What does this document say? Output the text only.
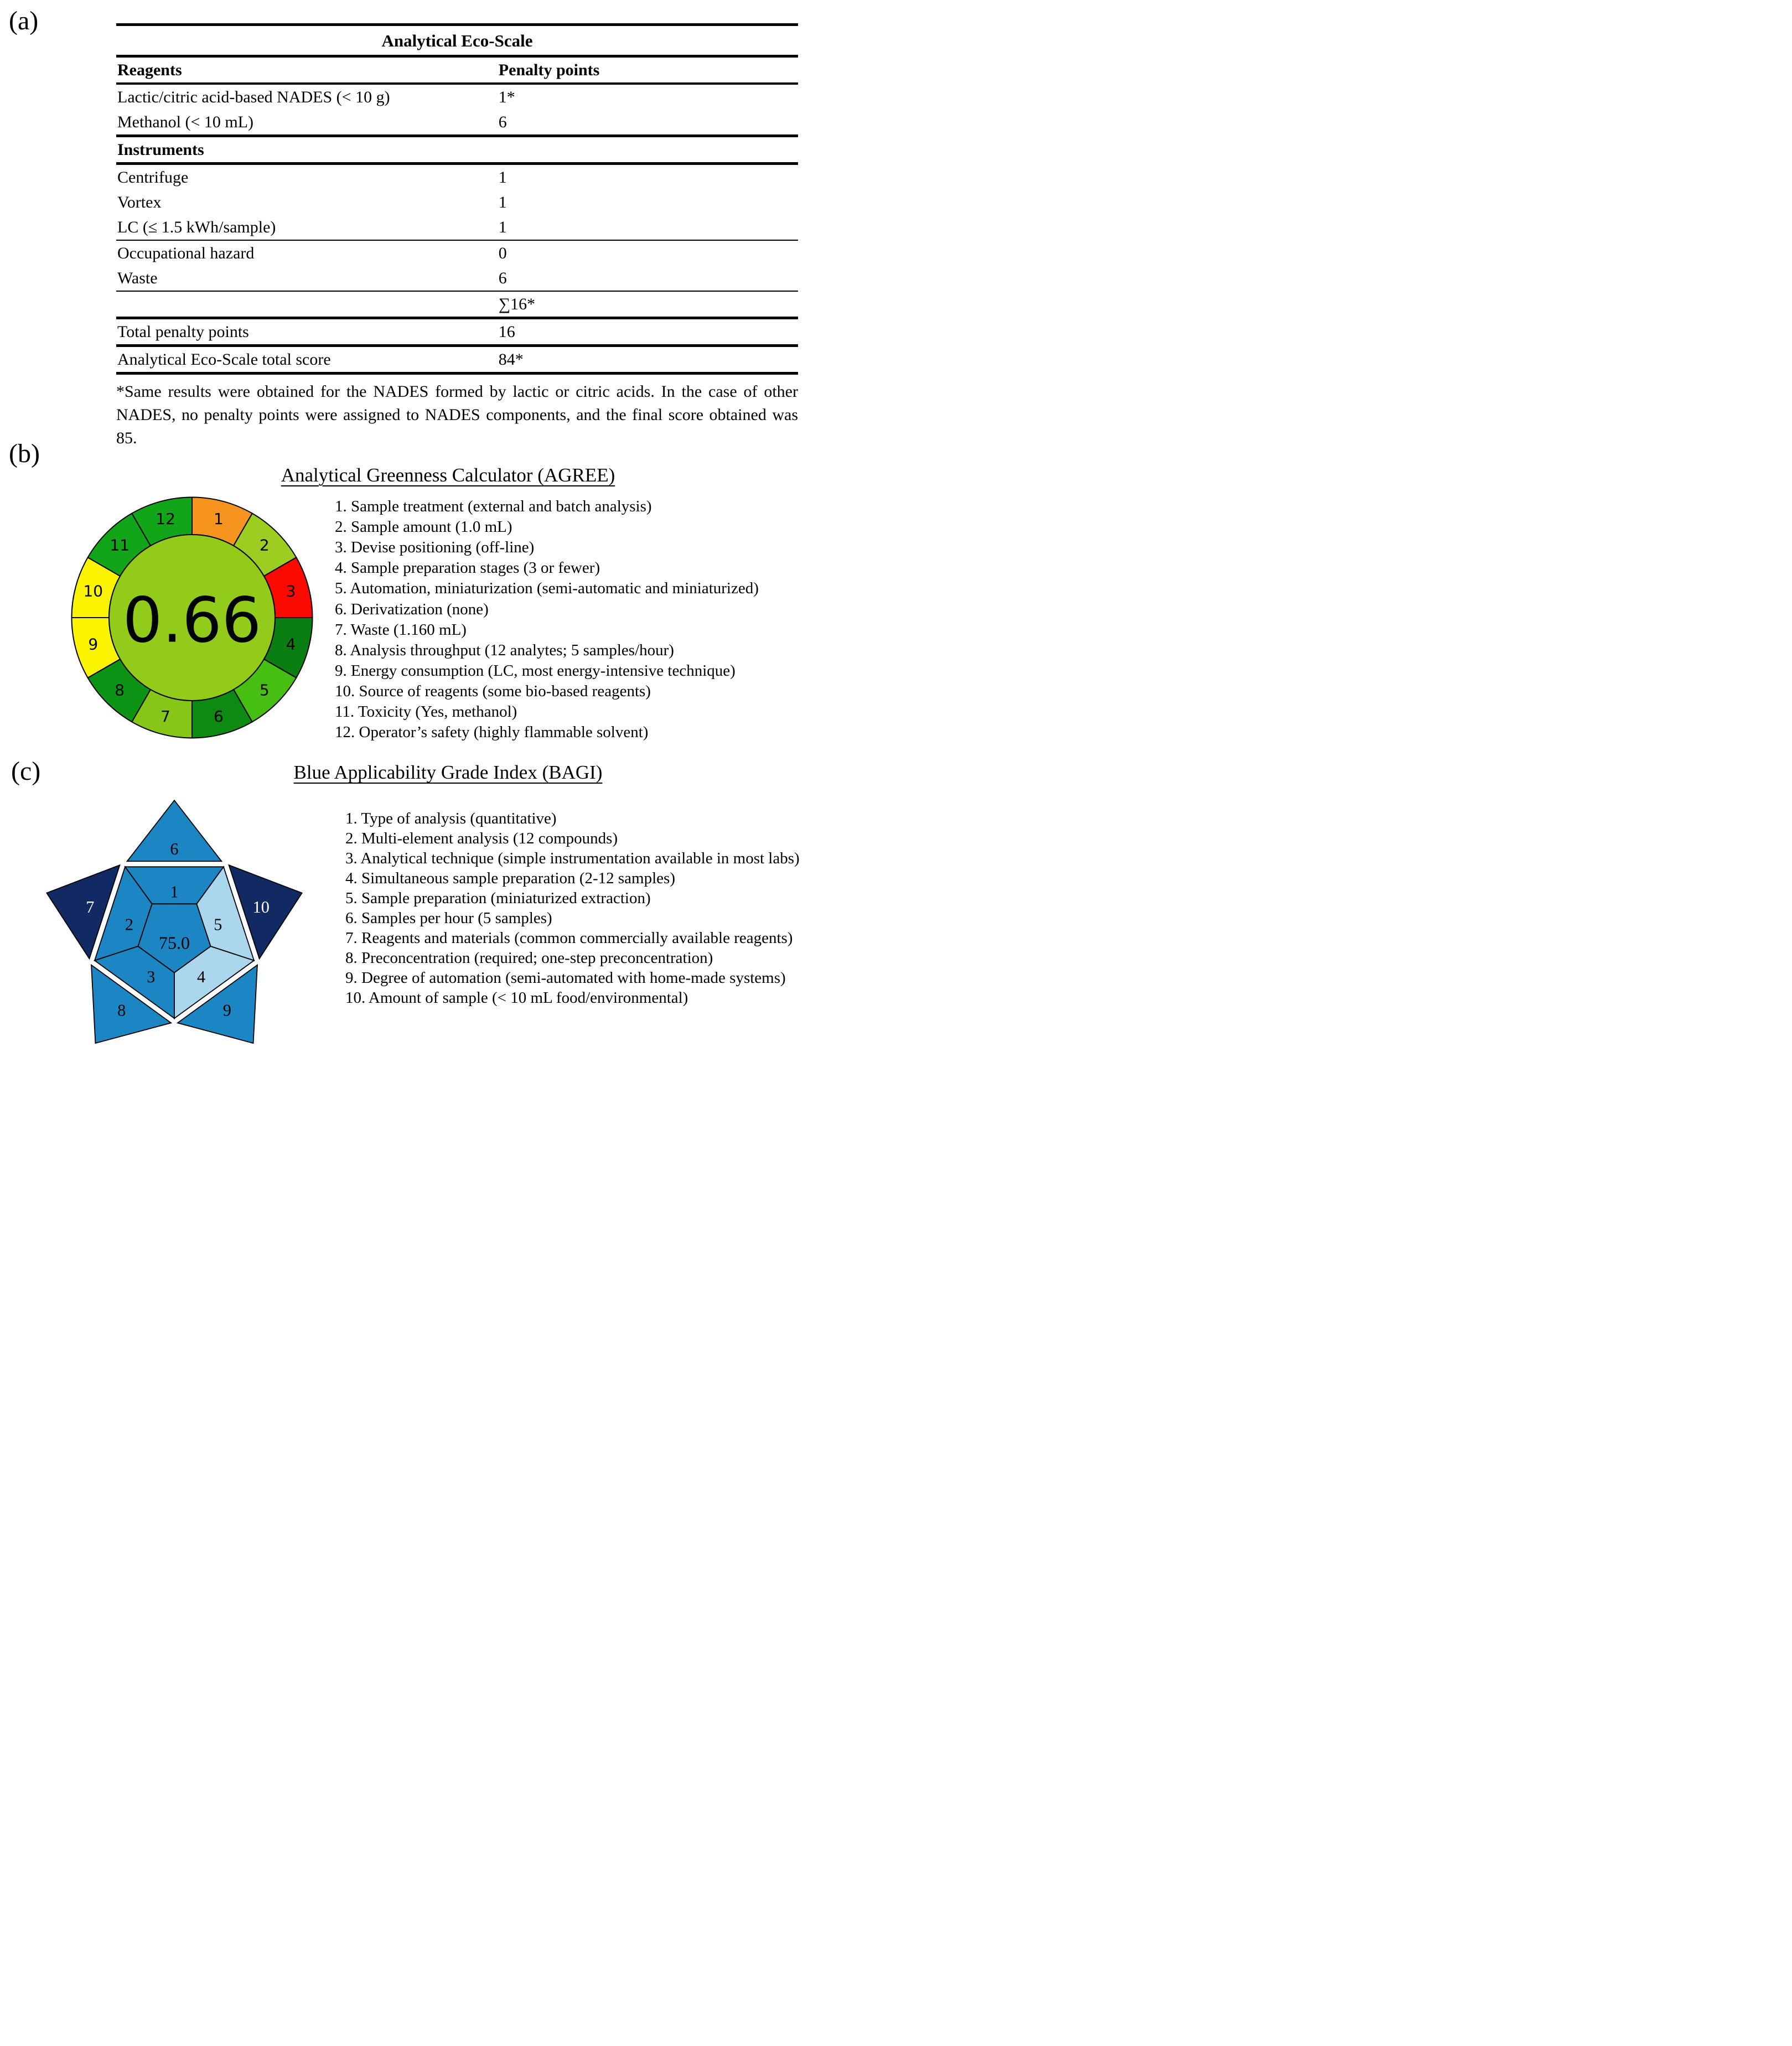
(a)
(b)
(c)
Analytical Eco-Scale
Reagents	Penalty points
Lactic/citric acid-based NADES (< 10 g)	1*
Methanol (< 10 mL)	6
Instruments
Centrifuge	1
Vortex	1
LC (≤ 1.5 kWh/sample)	1
Occupational hazard	0
Waste	6
∑16*
Total penalty points	16
Analytical Eco-Scale total score	84*
*Same results were obtained for the NADES formed by lactic or citric acids. In the case of other NADES, no penalty points were assigned to NADES components, and the final score obtained was 85.
Analytical Greenness Calculator (AGREE)
1
2
3
4
5
6
7
8
9
10
11
12
0.66
1. Sample treatment (external and batch analysis)
2. Sample amount (1.0 mL)
3. Devise positioning (off-line)
4. Sample preparation stages (3 or fewer)
5. Automation, miniaturization (semi-automatic and miniaturized)
6. Derivatization (none)
7. Waste (1.160 mL)
8. Analysis throughput (12 analytes; 5 samples/hour)
9. Energy consumption (LC, most energy-intensive technique)
10. Source of reagents (some bio-based reagents)
11. Toxicity (Yes, methanol)
12. Operator’s safety (highly flammable solvent)
Blue Applicability Grade Index (BAGI)
6
7
8	9
10
1
2
3 4
5
75.0
1. Type of analysis (quantitative)
2. Multi-element analysis (12 compounds)
3. Analytical technique (simple instrumentation available in most labs)
4. Simultaneous sample preparation (2-12 samples)
5. Sample preparation (miniaturized extraction)
6. Samples per hour (5 samples)
7. Reagents and materials (common commercially available reagents)
8. Preconcentration (required; one-step preconcentration)
9. Degree of automation (semi-automated with home-made systems)
10. Amount of sample (< 10 mL food/environmental)
